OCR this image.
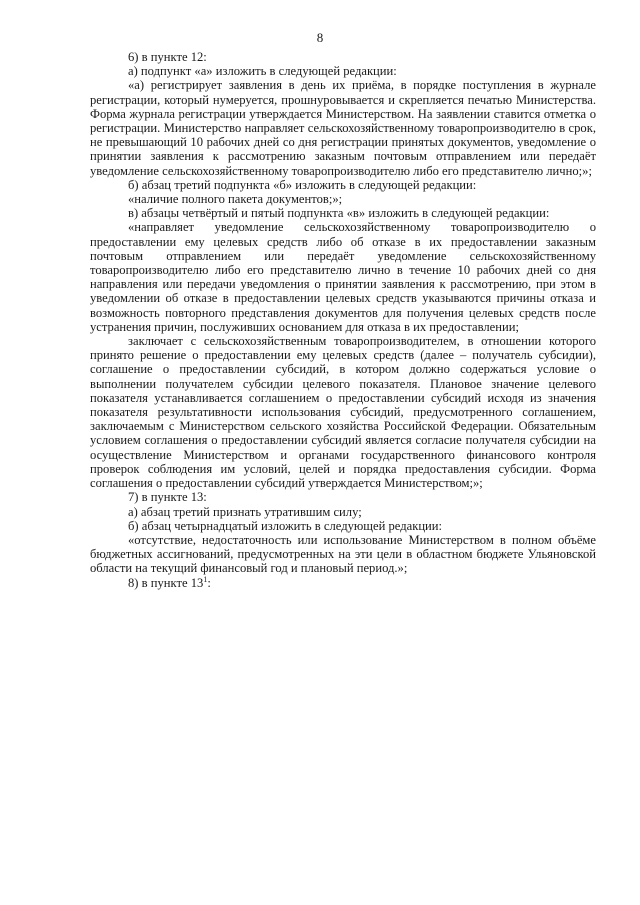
8

6) в пункте 12:

а) подпункт «а» изложить в следующей редакции:

«а) регистрирует заявления в день их приёма, в порядке поступления в журнале регистрации, который нумеруется, прошнуровывается и скрепляется печатью Министерства. Форма журнала регистрации утверждается Министерством. На заявлении ставится отметка о регистрации. Министерство направляет сельскохозяйственному товаропроизводителю в срок, не превышающий 10 рабочих дней со дня регистрации принятых документов, уведомление о принятии заявления к рассмотрению заказным почтовым отправлением или передаёт уведомление сельскохозяйственному товаропроизводителю либо его представителю лично;»;

б) абзац третий подпункта «б» изложить в следующей редакции:

«наличие полного пакета документов;»;

в) абзацы четвёртый и пятый подпункта «в» изложить в следующей редакции:

«направляет уведомление сельскохозяйственному товаропроизводителю о предоставлении ему целевых средств либо об отказе в их предоставлении заказным почтовым отправлением или передаёт уведомление сельскохозяйственному товаропроизводителю либо его представителю лично в течение 10 рабочих дней со дня направления или передачи уведомления о принятии заявления к рассмотрению, при этом в уведомлении об отказе в предоставлении целевых средств указываются причины отказа и возможность повторного представления документов для получения целевых средств после устранения причин, послуживших основанием для отказа в их предоставлении;

заключает с сельскохозяйственным товаропроизводителем, в отношении которого принято решение о предоставлении ему целевых средств (далее – получатель субсидии), соглашение о предоставлении субсидий, в котором должно содержаться условие о выполнении получателем субсидии целевого показателя. Плановое значение целевого показателя устанавливается соглашением о предоставлении субсидий исходя из значения показателя результативности использования субсидий, предусмотренного соглашением, заключаемым с Министерством сельского хозяйства Российской Федерации. Обязательным условием соглашения о предоставлении субсидий является согласие получателя субсидии на осуществление Министерством и органами государственного финансового контроля проверок соблюдения им условий, целей и порядка предоставления субсидии. Форма соглашения о предоставлении субсидий утверждается Министерством;»;

7) в пункте 13:

а) абзац третий признать утратившим силу;

б) абзац четырнадцатый изложить в следующей редакции:

«отсутствие, недостаточность или использование Министерством в полном объёме бюджетных ассигнований, предусмотренных на эти цели в областном бюджете Ульяновской области на текущий финансовый год и плановый период.»;

8) в пункте $13^1$:
